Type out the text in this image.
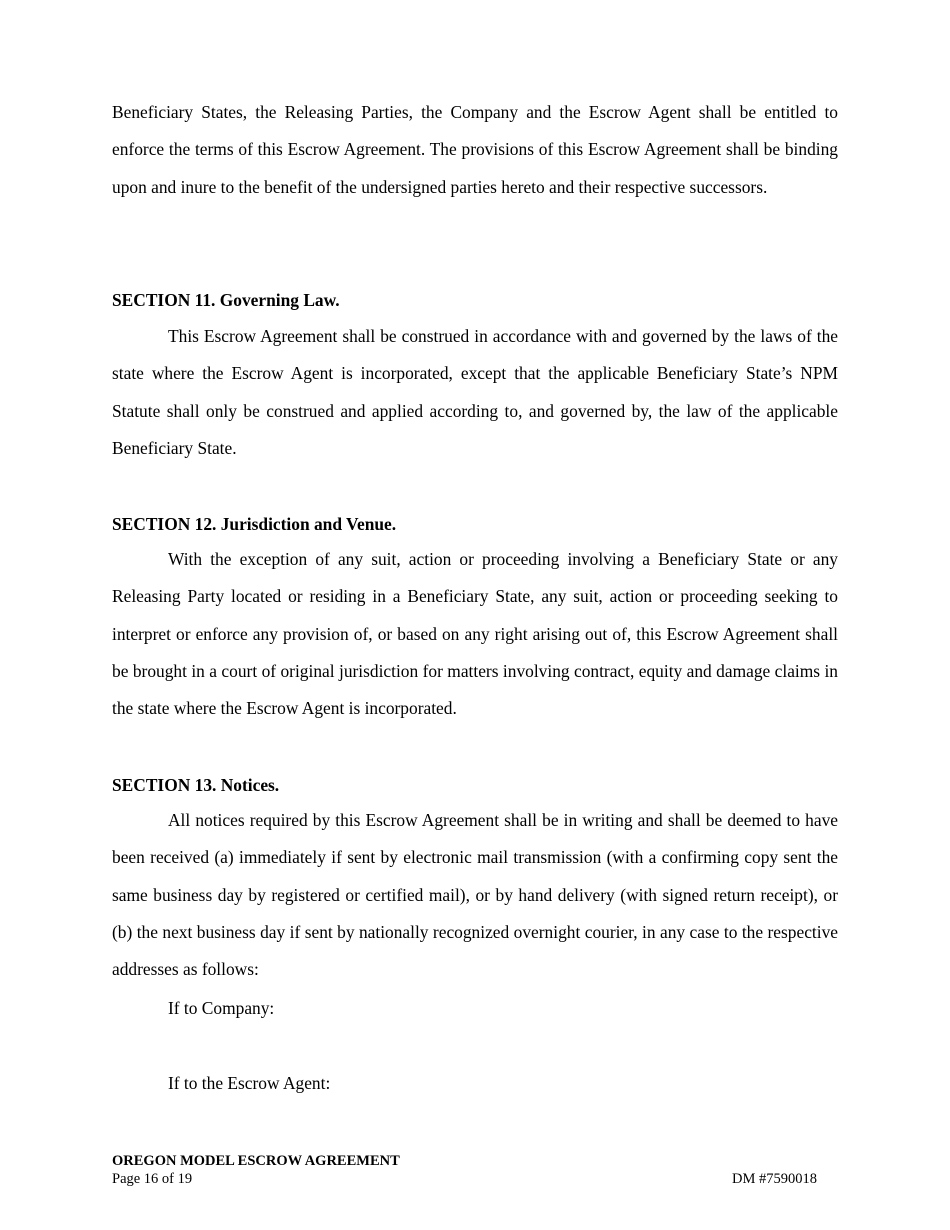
Beneficiary States, the Releasing Parties, the Company and the Escrow Agent shall be entitled to enforce the terms of this Escrow Agreement. The provisions of this Escrow Agreement shall be binding upon and inure to the benefit of the undersigned parties hereto and their respective successors.

SECTION 11. Governing Law.

This Escrow Agreement shall be construed in accordance with and governed by the laws of the state where the Escrow Agent is incorporated, except that the applicable Beneficiary State’s NPM Statute shall only be construed and applied according to, and governed by, the law of the applicable Beneficiary State.

SECTION 12. Jurisdiction and Venue.

With the exception of any suit, action or proceeding involving a Beneficiary State or any Releasing Party located or residing in a Beneficiary State, any suit, action or proceeding seeking to interpret or enforce any provision of, or based on any right arising out of, this Escrow Agreement shall be brought in a court of original jurisdiction for matters involving contract, equity and damage claims in the state where the Escrow Agent is incorporated.

SECTION 13. Notices.

All notices required by this Escrow Agreement shall be in writing and shall be deemed to have been received (a) immediately if sent by electronic mail transmission (with a confirming copy sent the same business day by registered or certified mail), or by hand delivery (with signed return receipt), or (b) the next business day if sent by nationally recognized overnight courier, in any case to the respective addresses as follows:

If to Company:

If to the Escrow Agent:

OREGON MODEL ESCROW AGREEMENT

Page 16 of 19	DM #7590018
